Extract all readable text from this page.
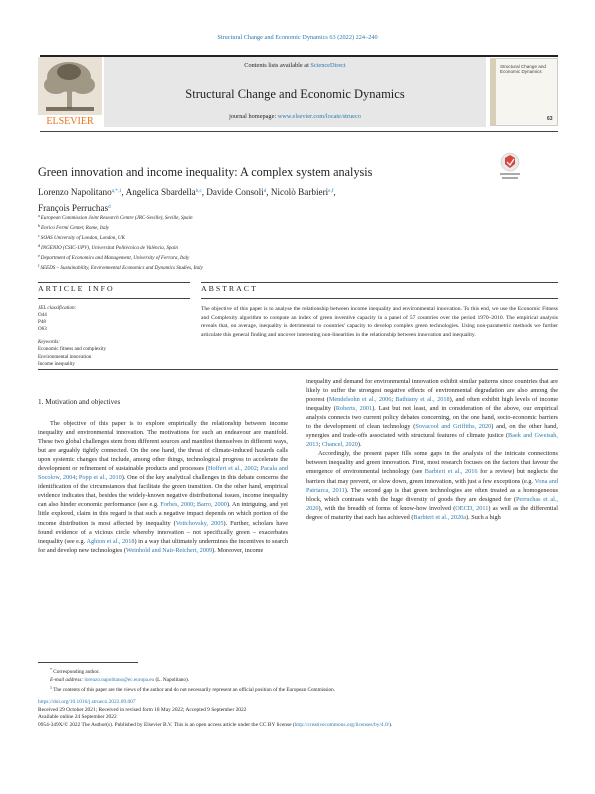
Structural Change and Economic Dynamics 63 (2022) 224–240
ELSEVIER
Contents lists available at ScienceDirect
Structural Change and Economic Dynamics
journal homepage: www.elsevier.com/locate/strueco
Structural Change and Economic Dynamics
63
Green innovation and income inequality: A complex system analysis
Lorenzo Napolitano$^{a,*,1}$, Angelica Sbardella$^{b,c}$, Davide Consoli$^d$, Nicolò Barbieri$^{e,f}$,
François Perruchas$^d$
$^a$European Commission Joint Research Centre (JRC-Seville), Seville, Spain
$^b$Enrico Fermi Center, Rome, Italy
$^c$SOAS University of London, London, UK
$^d$INGENIO (CSIC-UPV), Universitat Politècnica de València, Spain
$^e$Department of Economics and Management, University of Ferrara, Italy
$^f$SEEDS – Sustainability, Environmental Economics and Dynamics Studies, Italy
ARTICLE INFO	ABSTRACT
JEL classification:
O44
P48
O63
Keywords:
Economic fitness and complexity
Environmental innovation
Income inequality
The objective of this paper is to analyse the relationship between income inequality and environmental innovation. To this end, we use the Economic Fitness and Complexity algorithm to compute an index of green inventive capacity in a panel of 57 countries over the period 1970–2010. The empirical analysis reveals that, on average, inequality is detrimental to countries' capacity to develop complex green technologies. Using non-parametric methods we further articulate this general finding and uncover interesting non-linearities in the relationship between innovation and inequality.
1. Motivation and objectives
The objective of this paper is to explore empirically the relationship between income inequality and environmental innovation. The motivations for such an endeavour are manifold. These two global challenges stem from different sources and manifest themselves in different ways, but are arguably tightly connected. On the one hand, the threat of climate-induced hazards calls upon systemic changes that include, among other things, technological progress to accelerate the development or refinement of sustainable products and processes (Hoffert et al., 2002; Pacala and Socolow, 2004; Popp et al., 2010). One of the key analytical challenges in this debate concerns the identification of the circumstances that facilitate the green transition. On the other hand, empirical evidence indicates that, besides the widely-known negative distributional issues, income inequality can also hinder economic performance (see e.g. Forbes, 2000; Barro, 2000). An intriguing, and yet little explored, claim in this regard is that such a negative impact depends on which portion of the income distribution is most affected by inequality (Voitchovsky, 2005). Further, scholars have found evidence of a vicious circle whereby innovation – not specifically green – exacerbates inequality (see e.g. Aghion et al., 2018) in a way that ultimately undermines the incentives to search for and develop new technologies (Weinhold and Nair-Reichert, 2009). Moreover, income

inequality and demand for environmental innovation exhibit similar patterns since countries that are likely to suffer the strongest negative effects of environmental degradation are also among the poorest (Mendelsohn et al., 2006; Bathiany et al., 2018), and often exhibit high levels of income inequality (Roberts, 2001). Last but not least, and in consideration of the above, our empirical analysis connects two current policy debates concerning, on the one hand, socio-economic barriers to the development of clean technology (Sovacool and Griffiths, 2020) and, on the other hand, synergies and trade-offs associated with structural features of climate justice (Baek and Gweisah, 2013; Chancel, 2020).

Accordingly, the present paper fills some gaps in the analysis of the intricate connections between inequality and green innovation. First, most research focuses on the factors that favour the emergence of environmental technology (see Barbieri et al., 2016 for a review) but neglects the barriers that may prevent, or slow down, green innovation, with just a few exceptions (e.g. Vona and Patriarca, 2011). The second gap is that green technologies are often treated as a homogeneous block, which contrasts with the huge diversity of goods they are designed for (Perruchas et al., 2020), with the breadth of forms of know-how involved (OECD, 2011) as well as the differential degree of maturity that each has achieved (Barbieri et al., 2020a). Such a high

* Corresponding author.
E-mail address: lorenzo.napolitano@ec.europa.eu (L. Napolitano).
$^1$ The contents of this paper are the views of the author and do not necessarily represent an official position of the European Commission.
https://doi.org/10.1016/j.strueco.2022.09.007
Received 29 October 2021; Received in revised form 18 May 2022; Accepted 9 September 2022
Available online 24 September 2022
0954-349X/© 2022 The Author(s). Published by Elsevier B.V. This is an open access article under the CC BY license (http://creativecommons.org/licenses/by/4.0/).
